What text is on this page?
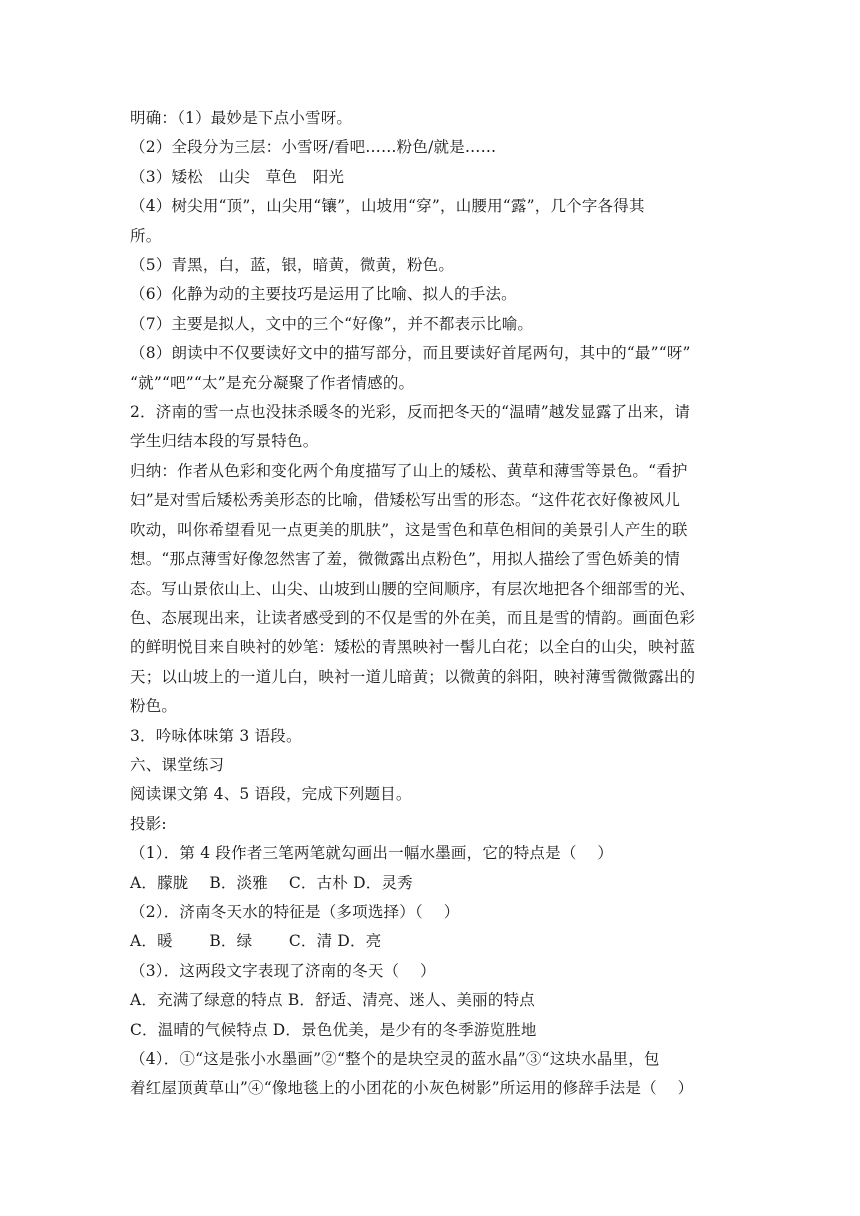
明确：（1）最妙是下点小雪呀。
（2）全段分为三层：小雪呀/看吧……粉色/就是……
（3）矮松　山尖　草色　阳光
（4）树尖用“顶”，山尖用“镶”，山坡用“穿”，山腰用“露”，几个字各得其
所。
（5）青黑，白，蓝，银，暗黄，微黄，粉色。
（6）化静为动的主要技巧是运用了比喻、拟人的手法。
（7）主要是拟人，文中的三个“好像”，并不都表示比喻。
（8）朗读中不仅要读好文中的描写部分，而且要读好首尾两句，其中的“最”“呀”
“就”“吧”“太”是充分凝聚了作者情感的。
2．济南的雪一点也没抹杀暖冬的光彩，反而把冬天的“温晴”越发显露了出来，请
学生归结本段的写景特色。
归纳：作者从色彩和变化两个角度描写了山上的矮松、黄草和薄雪等景色。“看护
妇”是对雪后矮松秀美形态的比喻，借矮松写出雪的形态。“这件花衣好像被风儿
吹动，叫你希望看见一点更美的肌肤”，这是雪色和草色相间的美景引人产生的联
想。“那点薄雪好像忽然害了羞，微微露出点粉色”，用拟人描绘了雪色娇美的情
态。写山景依山上、山尖、山坡到山腰的空间顺序，有层次地把各个细部雪的光、
色、态展现出来，让读者感受到的不仅是雪的外在美，而且是雪的情韵。画面色彩
的鲜明悦目来自映衬的妙笔：矮松的青黑映衬一髻儿白花；以全白的山尖，映衬蓝
天；以山坡上的一道儿白，映衬一道儿暗黄；以微黄的斜阳，映衬薄雪微微露出的
粉色。
3．吟咏体味第 3 语段。
六、课堂练习
阅读课文第 4、5 语段，完成下列题目。
投影:
（1）．第 4 段作者三笔两笔就勾画出一幅水墨画，它的特点是（　 ）
A．朦胧　 B．淡雅　 C．古朴 D．灵秀
（2）．济南冬天水的特征是（多项选择）（　 ）
A．暖　　 B．绿　　 C．清 D．亮
（3）．这两段文字表现了济南的冬天（　 ）
A．充满了绿意的特点 B．舒适、清亮、迷人、美丽的特点
C．温晴的气候特点 D．景色优美，是少有的冬季游览胜地
（4）．①“这是张小水墨画”②“整个的是块空灵的蓝水晶”③“这块水晶里，包
着红屋顶黄草山”④“像地毯上的小团花的小灰色树影”所运用的修辞手法是（　 ）
